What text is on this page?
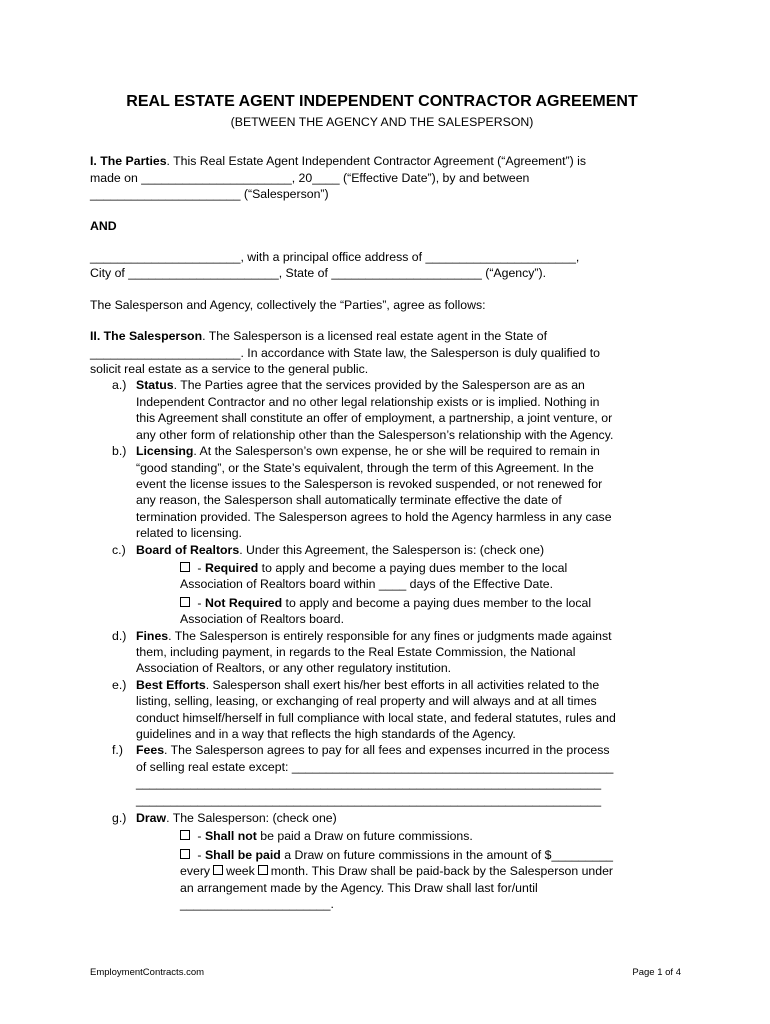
REAL ESTATE AGENT INDEPENDENT CONTRACTOR AGREEMENT

(BETWEEN THE AGENCY AND THE SALESPERSON)

I. The Parties. This Real Estate Agent Independent Contractor Agreement (“Agreement”) is

made on ______________________, 20____ (“Effective Date”), by and between

______________________ (“Salesperson”)

AND

______________________, with a principal office address of ______________________,

City of ______________________, State of ______________________ (“Agency”).

The Salesperson and Agency, collectively the “Parties”, agree as follows:

II. The Salesperson. The Salesperson is a licensed real estate agent in the State of

______________________. In accordance with State law, the Salesperson is duly qualified to

solicit real estate as a service to the general public.

a.) Status. The Parties agree that the services provided by the Salesperson are as an

Independent Contractor and no other legal relationship exists or is implied. Nothing in

this Agreement shall constitute an offer of employment, a partnership, a joint venture, or

any other form of relationship other than the Salesperson’s relationship with the Agency.

b.) Licensing. At the Salesperson’s own expense, he or she will be required to remain in

“good standing”, or the State’s equivalent, through the term of this Agreement. In the

event the license issues to the Salesperson is revoked suspended, or not renewed for

any reason, the Salesperson shall automatically terminate effective the date of

termination provided. The Salesperson agrees to hold the Agency harmless in any case

related to licensing.

c.) Board of Realtors. Under this Agreement, the Salesperson is: (check one)

- Required to apply and become a paying dues member to the local

Association of Realtors board within ____ days of the Effective Date.

- Not Required to apply and become a paying dues member to the local

Association of Realtors board.

d.) Fines. The Salesperson is entirely responsible for any fines or judgments made against

them, including payment, in regards to the Real Estate Commission, the National

Association of Realtors, or any other regulatory institution.

e.) Best Efforts. Salesperson shall exert his/her best efforts in all activities related to the

listing, selling, leasing, or exchanging of real property and will always and at all times

conduct himself/herself in full compliance with local state, and federal statutes, rules and

guidelines and in a way that reflects the high standards of the Agency.

f.) Fees. The Salesperson agrees to pay for all fees and expenses incurred in the process

of selling real estate except: _______________________________________________

____________________________________________________________________

____________________________________________________________________

g.) Draw. The Salesperson: (check one)

- Shall not be paid a Draw on future commissions.

- Shall be paid a Draw on future commissions in the amount of $_________

every week month. This Draw shall be paid-back by the Salesperson under

an arrangement made by the Agency. This Draw shall last for/until

______________________.

EmploymentContracts.com	Page 1 of 4
